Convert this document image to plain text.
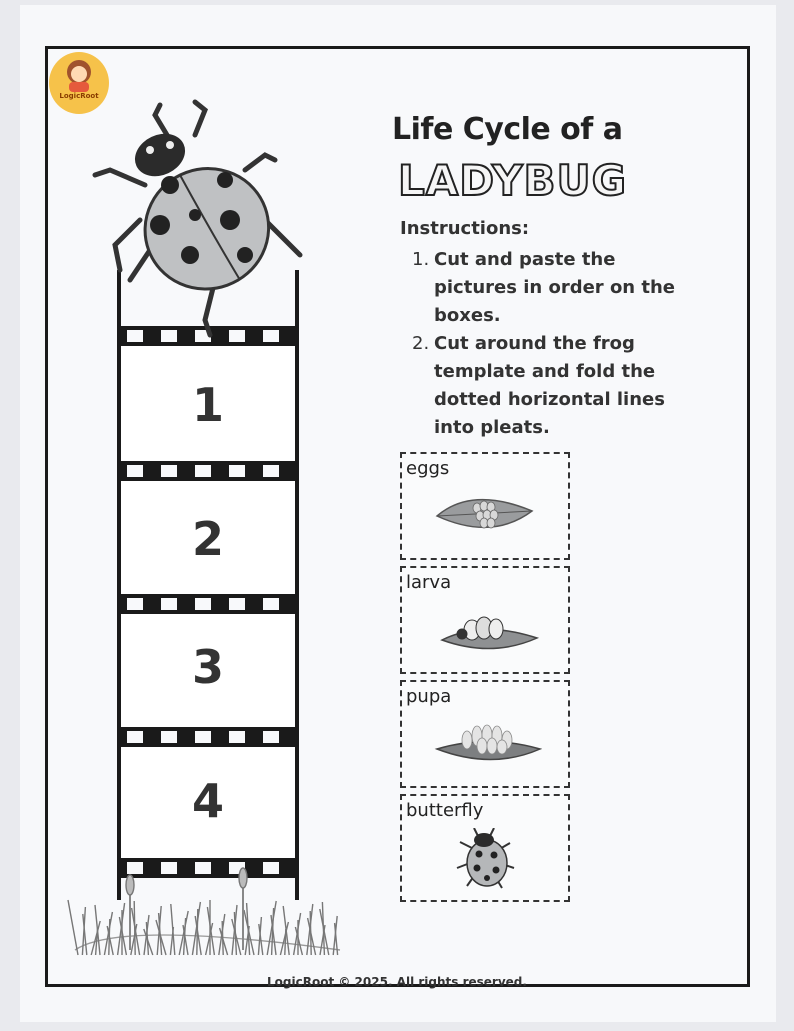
LogicRoot
Life Cycle of a
LADYBUG
Instructions:
1. Cut and paste the pictures in order on the boxes.
2. Cut around the frog template and fold the dotted horizontal lines into pleats.
1
2
3
4
eggs
larva
pupa
butterfly
LogicRoot © 2025. All rights reserved.
